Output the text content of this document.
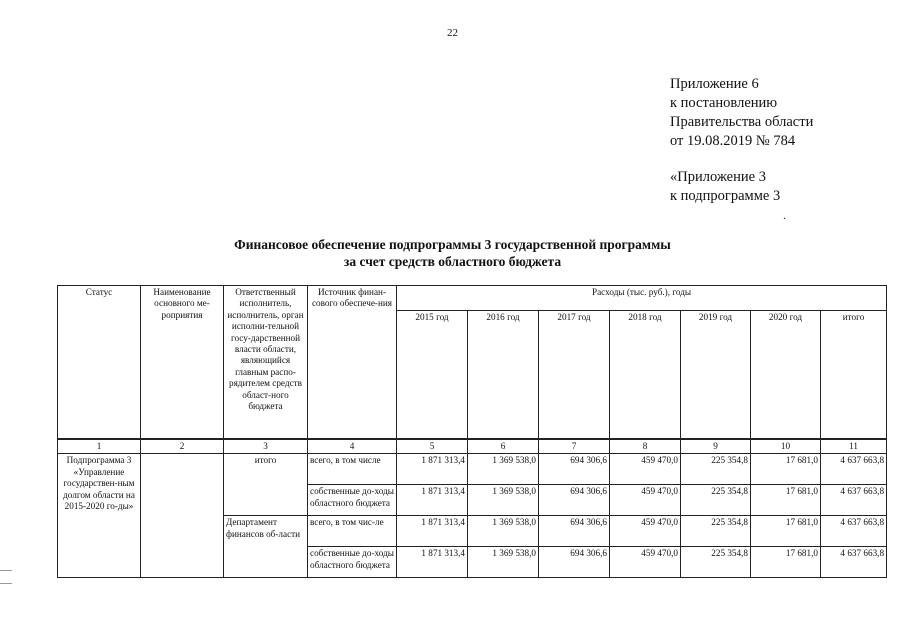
22
Приложение 6
к постановлению
Правительства области
от 19.08.2019 № 784
«Приложение 3
к подпрограмме 3
.
Финансовое обеспечение подпрограммы 3 государственной программы
за счет средств областного бюджета
Статус	Наименование основного ме-роприятия	Ответственный исполнитель, исполнитель, орган исполни-тельной госу-дарственной власти области, являющийся главным распо-рядителем средств област-ного бюджета	Источник финан-сового обеспече-ния	Расходы (тыс. руб.), годы						
				2015 год	2016 год	2017 год	2018 год	2019 год	2020 год	итого
1	2	3	4	5	6	7	8	9	10	11
Подпрограмма 3 «Управление государствен-ным долгом области на 2015-2020 го-ды»		итого	всего, в том числе	1 871 313,4	1 369 538,0	694 306,6	459 470,0	225 354,8	17 681,0	4 637 663,8
			собственные до-ходы областного бюджета	1 871 313,4	1 369 538,0	694 306,6	459 470,0	225 354,8	17 681,0	4 637 663,8
		Департамент финансов об-ласти	всего, в том чис-ле	1 871 313,4	1 369 538,0	694 306,6	459 470,0	225 354,8	17 681,0	4 637 663,8
			собственные до-ходы областного бюджета	1 871 313,4	1 369 538,0	694 306,6	459 470,0	225 354,8	17 681,0	4 637 663,8
